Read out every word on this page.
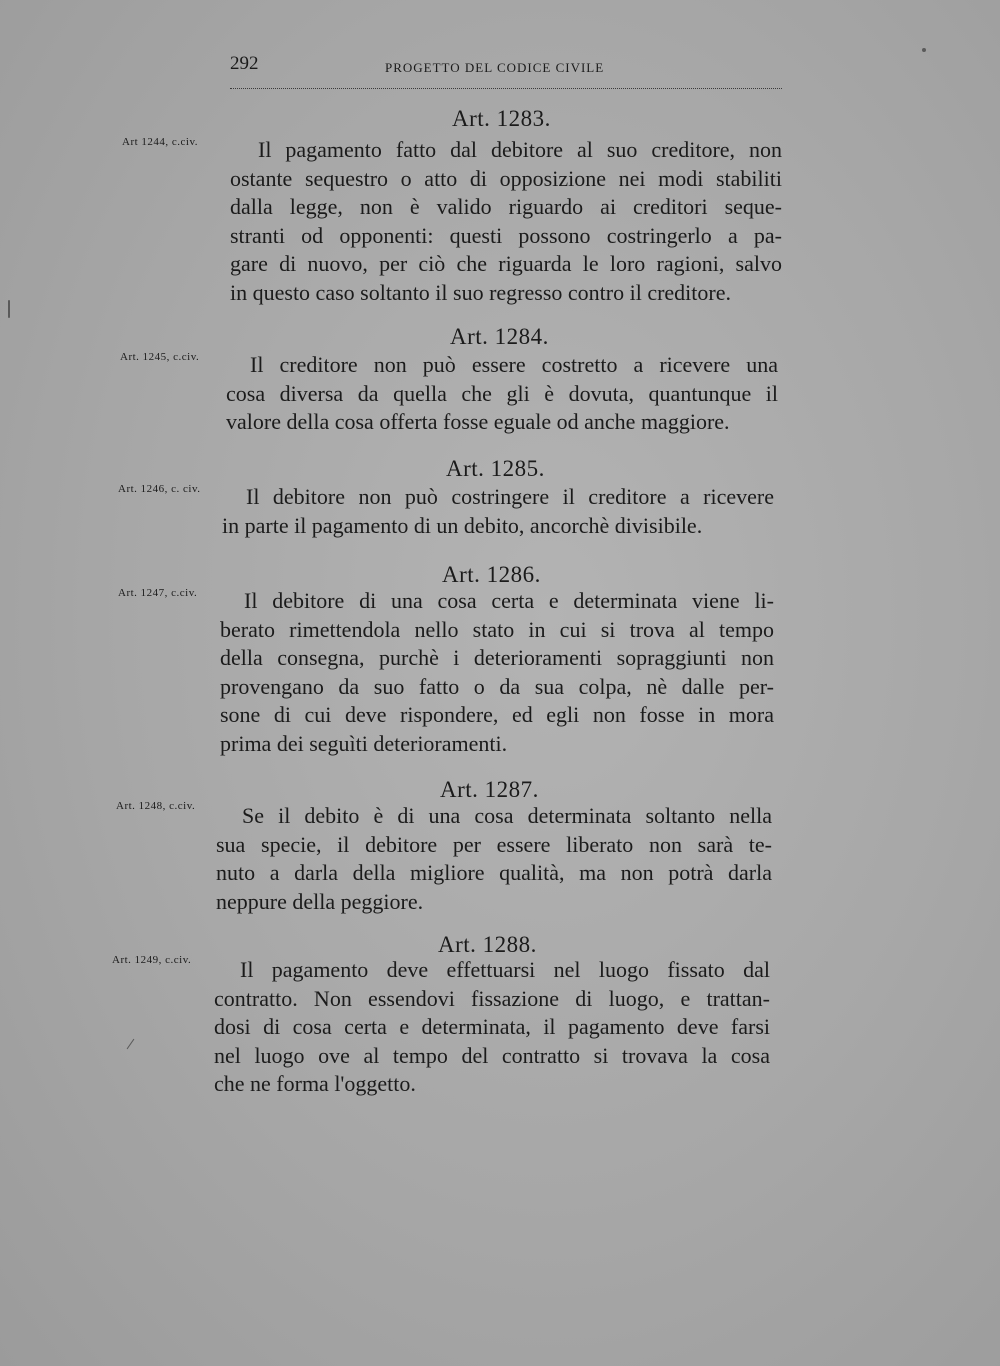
292	PROGETTO DEL CODICE CIVILE
Art. 1283.
Art 1244, c.civ.	Il pagamento fatto dal debitore al suo creditore, non
ostante sequestro o atto di opposizione nei modi stabiliti
dalla legge, non è valido riguardo ai creditori seque-
stranti od opponenti: questi possono costringerlo a pa-
gare di nuovo, per ciò che riguarda le loro ragioni, salvo
in questo caso soltanto il suo regresso contro il creditore.
Art. 1284.
Art. 1245, c.civ.	Il creditore non può essere costretto a ricevere una
cosa diversa da quella che gli è dovuta, quantunque il
valore della cosa offerta fosse eguale od anche maggiore.
Art. 1285.
Art. 1246, c. civ.	Il debitore non può costringere il creditore a ricevere
in parte il pagamento di un debito, ancorchè divisibile.
Art. 1286.
Art. 1247, c.civ.	Il debitore di una cosa certa e determinata viene li-
berato rimettendola nello stato in cui si trova al tempo
della consegna, purchè i deterioramenti sopraggiunti non
provengano da suo fatto o da sua colpa, nè dalle per-
sone di cui deve rispondere, ed egli non fosse in mora
prima dei seguìti deterioramenti.
Art. 1287.
Art. 1248, c.civ.	Se il debito è di una cosa determinata soltanto nella
sua specie, il debitore per essere liberato non sarà te-
nuto a darla della migliore qualità, ma non potrà darla
neppure della peggiore.
Art. 1288.
Art. 1249, c.civ.	Il pagamento deve effettuarsi nel luogo fissato dal
contratto. Non essendovi fissazione di luogo, e trattan-
dosi di cosa certa e determinata, il pagamento deve farsi
nel luogo ove al tempo del contratto si trovava la cosa
che ne forma l'oggetto.
